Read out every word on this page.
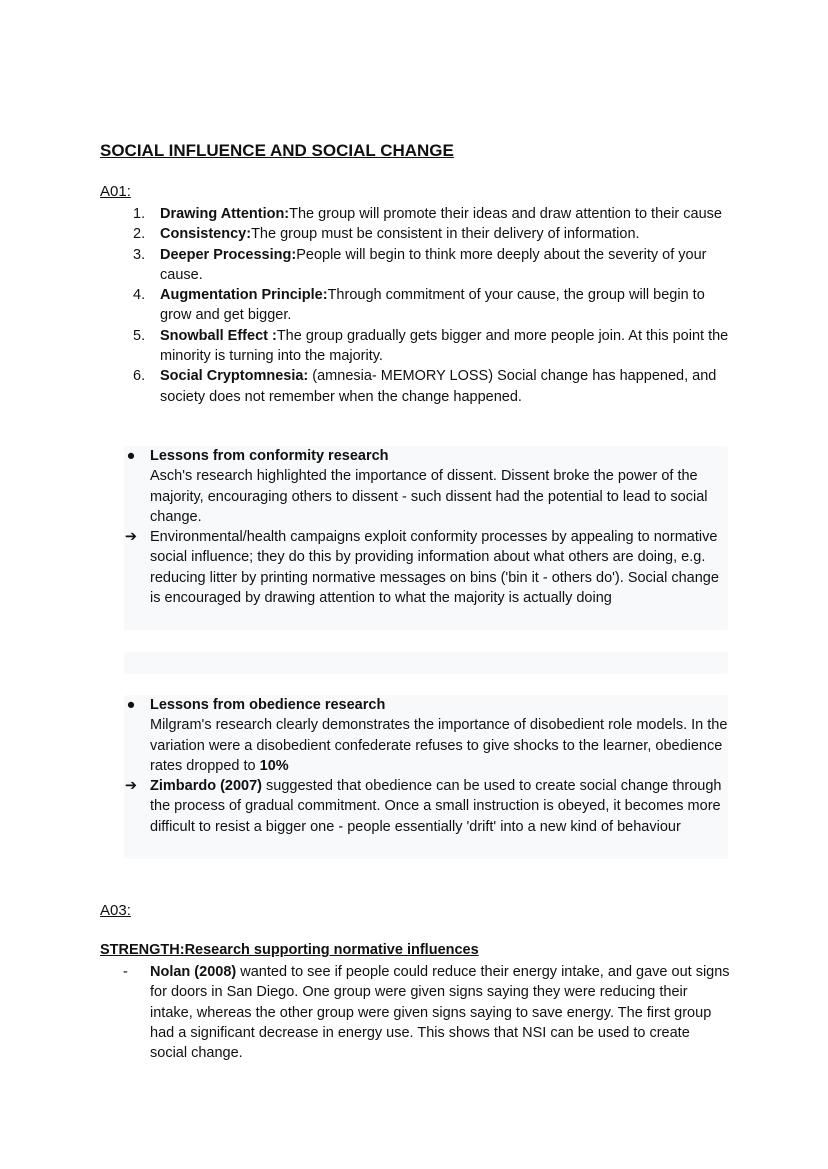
SOCIAL INFLUENCE AND SOCIAL CHANGE

A01:

1. Drawing Attention:The group will promote their ideas and draw attention to their cause
2. Consistency:The group must be consistent in their delivery of information.
3. Deeper Processing:People will begin to think more deeply about the severity of your cause.
4. Augmentation Principle:Through commitment of your cause, the group will begin to grow and get bigger.
5. Snowball Effect :The group gradually gets bigger and more people join. At this point the minority is turning into the majority.
6. Social Cryptomnesia: (amnesia- MEMORY LOSS) Social change has happened, and society does not remember when the change happened.
●	Lessons from conformity research
Asch's research highlighted the importance of dissent. Dissent broke the power of the majority, encouraging others to dissent - such dissent had the potential to lead to social change.
➔ Environmental/health campaigns exploit conformity processes by appealing to normative social influence; they do this by providing information about what others are doing, e.g. reducing litter by printing normative messages on bins ('bin it - others do'). Social change is encouraged by drawing attention to what the majority is actually doing
●	Lessons from obedience research
Milgram's research clearly demonstrates the importance of disobedient role models. In the variation were a disobedient confederate refuses to give shocks to the learner, obedience rates dropped to 10%
➔ Zimbardo (2007) suggested that obedience can be used to create social change through the process of gradual commitment. Once a small instruction is obeyed, it becomes more difficult to resist a bigger one - people essentially 'drift' into a new kind of behaviour

A03:

STRENGTH:Research supporting normative influences

-	Nolan (2008) wanted to see if people could reduce their energy intake, and gave out signs for doors in San Diego. One group were given signs saying they were reducing their intake, whereas the other group were given signs saying to save energy. The first group had a significant decrease in energy use. This shows that NSI can be used to create social change.
